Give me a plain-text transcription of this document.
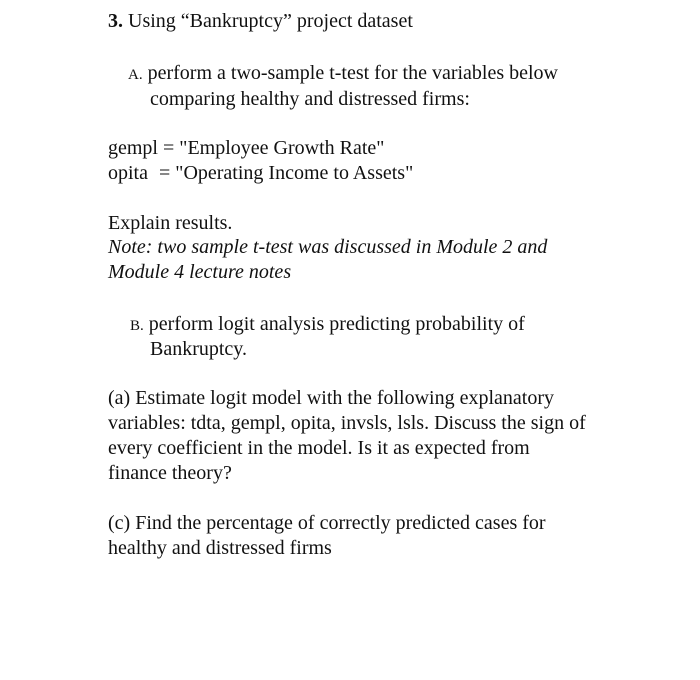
3. Using “Bankruptcy” project dataset
A. perform a two-sample t-test for the variables below
comparing healthy and distressed firms:
gempl = "Employee Growth Rate"
opita = "Operating Income to Assets"
Explain results.
Note: two sample t-test was discussed in Module 2 and
Module 4 lecture notes
B. perform logit analysis predicting probability of
Bankruptcy.
(a) Estimate logit model with the following explanatory
variables: tdta, gempl, opita, invsls, lsls. Discuss the sign of
every coefficient in the model. Is it as expected from
finance theory?
(c) Find the percentage of correctly predicted cases for
healthy and distressed firms
